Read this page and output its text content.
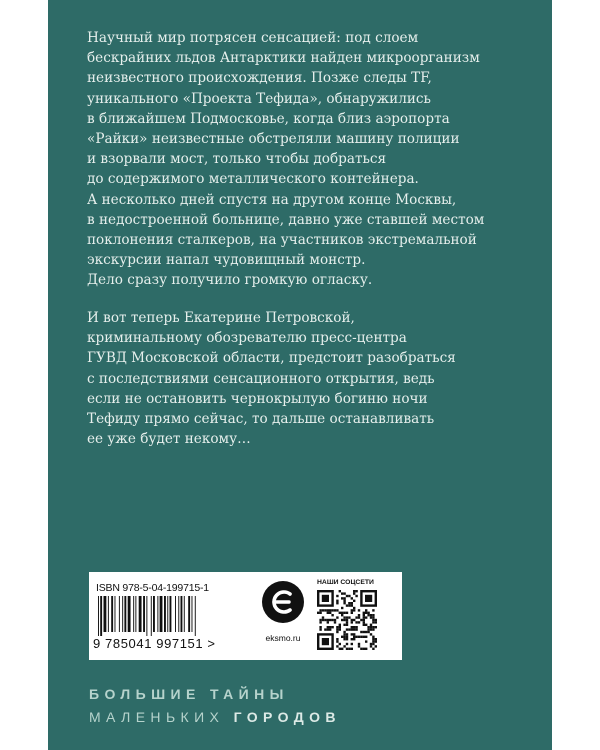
Научный мир потрясен сенсацией: под слоем
бескрайних льдов Антарктики найден микроорганизм
неизвестного происхождения. Позже следы TF,
уникального «Проекта Тефида», обнаружились
в ближайшем Подмосковье, когда близ аэропорта
«Райки» неизвестные обстреляли машину полиции
и взорвали мост, только чтобы добраться
до содержимого металлического контейнера.
А несколько дней спустя на другом конце Москвы,
в недостроенной больнице, давно уже ставшей местом
поклонения сталкеров, на участников экстремальной
экскурсии напал чудовищный монстр.
Дело сразу получило громкую огласку.
И вот теперь Екатерине Петровской,
криминальному обозревателю пресс-центра
ГУВД Московской области, предстоит разобраться
с последствиями сенсационного открытия, ведь
если не остановить чернокрылую богиню ночи
Тефиду прямо сейчас, то дальше останавливать
ее уже будет некому…
ISBN 978-5-04-199715-1
9 785041 997151 >	eksmo.ru
НАШИ СОЦСЕТИ
БОЛЬШИЕ ТАЙНЫ
МАЛЕНЬКИХ ГОРОДОВ
